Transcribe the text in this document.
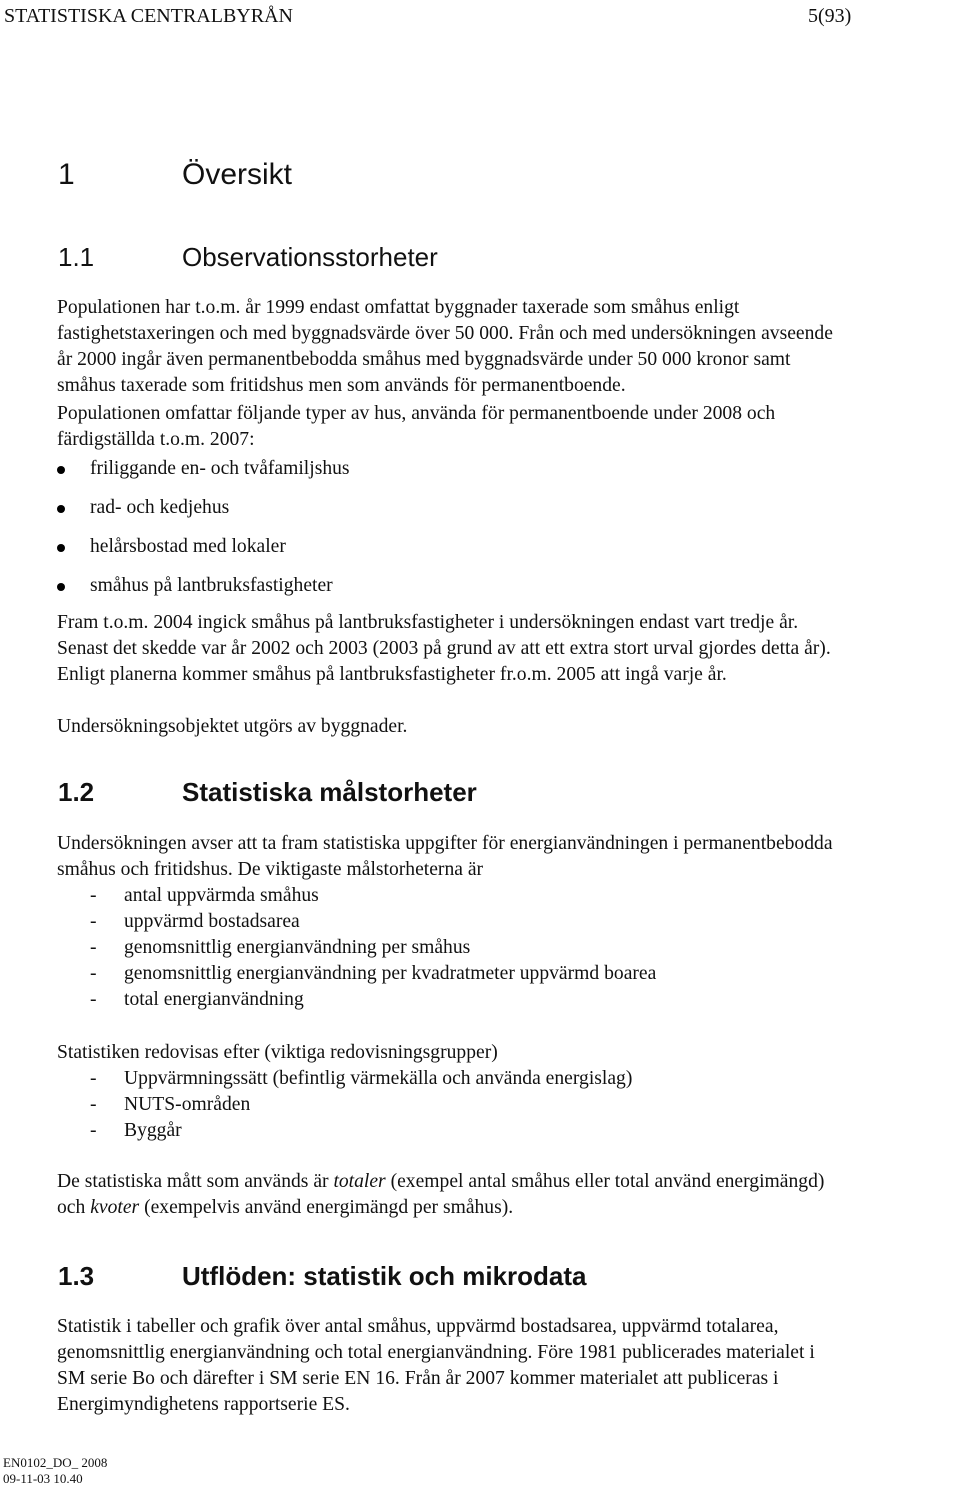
STATISTISKA CENTRALBYRÅN	5(93)
1	Översikt
1.1	Observationsstorheter
Populationen har t.o.m. år 1999 endast omfattat byggnader taxerade som småhus enligt
fastighetstaxeringen och med byggnadsvärde över 50 000. Från och med undersökningen avseende
år 2000 ingår även permanentbebodda småhus med byggnadsvärde under 50 000 kronor samt
småhus taxerade som fritidshus men som används för permanentboende.
Populationen omfattar följande typer av hus, använda för permanentboende under 2008 och
färdigställda t.o.m. 2007:
friliggande en- och tvåfamiljshus
rad- och kedjehus
helårsbostad med lokaler
småhus på lantbruksfastigheter
Fram t.o.m. 2004 ingick småhus på lantbruksfastigheter i undersökningen endast vart tredje år.
Senast det skedde var år 2002 och 2003 (2003 på grund av att ett extra stort urval gjordes detta år).
Enligt planerna kommer småhus på lantbruksfastigheter fr.o.m. 2005 att ingå varje år.
Undersökningsobjektet utgörs av byggnader.
1.2	Statistiska målstorheter
Undersökningen avser att ta fram statistiska uppgifter för energianvändningen i permanentbebodda
småhus och fritidshus. De viktigaste målstorheterna är
- antal uppvärmda småhus
- uppvärmd bostadsarea
- genomsnittlig energianvändning per småhus
- genomsnittlig energianvändning per kvadratmeter uppvärmd boarea
- total energianvändning
Statistiken redovisas efter (viktiga redovisningsgrupper)
- Uppvärmningssätt (befintlig värmekälla och använda energislag)
- NUTS-områden
- Byggår
De statistiska mått som används är totaler (exempel antal småhus eller total använd energimängd)
och kvoter (exempelvis använd energimängd per småhus).
1.3	Utflöden: statistik och mikrodata
Statistik i tabeller och grafik över antal småhus, uppvärmd bostadsarea, uppvärmd totalarea,
genomsnittlig energianvändning och total energianvändning. Före 1981 publicerades materialet i
SM serie Bo och därefter i SM serie EN 16. Från år 2007 kommer materialet att publiceras i
Energimyndighetens rapportserie ES.
EN0102_DO_ 2008
09-11-03 10.40
